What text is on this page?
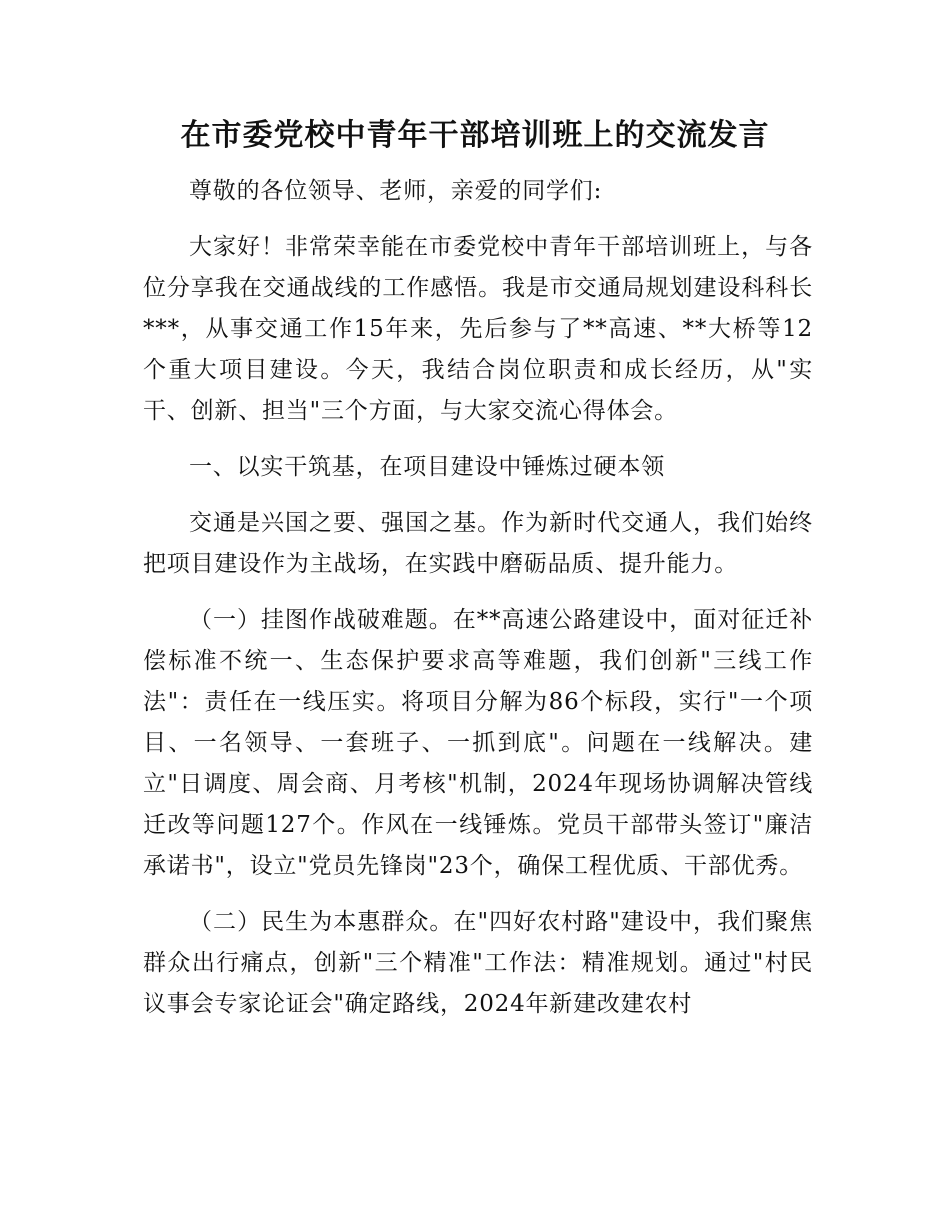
在市委党校中青年干部培训班上的交流发言

尊敬的各位领导、老师，亲爱的同学们:

大家好！非常荣幸能在市委党校中青年干部培训班上，与各位分享我在交通战线的工作感悟。我是市交通局规划建设科科长***，从事交通工作15年来，先后参与了**高速、**大桥等12个重大项目建设。今天，我结合岗位职责和成长经历，从"实干、创新、担当"三个方面，与大家交流心得体会。

一、以实干筑基，在项目建设中锤炼过硬本领

交通是兴国之要、强国之基。作为新时代交通人，我们始终把项目建设作为主战场，在实践中磨砺品质、提升能力。

（一）挂图作战破难题。在**高速公路建设中，面对征迁补偿标准不统一、生态保护要求高等难题，我们创新"三线工作法"：责任在一线压实。将项目分解为86个标段，实行"一个项目、一名领导、一套班子、一抓到底"。问题在一线解决。建立"日调度、周会商、月考核"机制，2024年现场协调解决管线迁改等问题127个。作风在一线锤炼。党员干部带头签订"廉洁承诺书"，设立"党员先锋岗"23个，确保工程优质、干部优秀。

（二）民生为本惠群众。在"四好农村路"建设中，我们聚焦群众出行痛点，创新"三个精准"工作法：精准规划。通过"村民议事会专家论证会"确定路线，2024年新建改建农村
